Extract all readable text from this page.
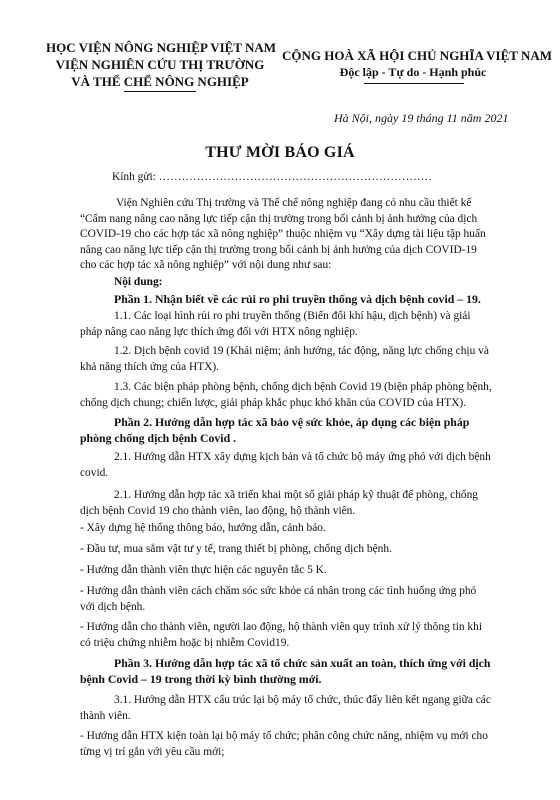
HỌC VIỆN NÔNG NGHIỆP VIỆT NAM
VIỆN NGHIÊN CỨU THỊ TRƯỜNG
VÀ THỂ CHẾ NÔNG NGHIỆP
CỘNG HOÀ XÃ HỘI CHỦ NGHĨA VIỆT NAM
Độc lập - Tự do - Hạnh phúc
Hà Nội, ngày 19 tháng 11 năm 2021
THƯ MỜI BÁO GIÁ
Kính gửi: ………………………………………………………………
Viện Nghiên cứu Thị trường và Thể chế nông nghiệp đang có nhu cầu thiết kế “Cẩm nang nâng cao năng lực tiếp cận thị trường trong bối cảnh bị ảnh hưởng của dịch COVID-19 cho các hợp tác xã nông nghiệp” thuộc nhiệm vụ “Xây dựng tài liệu tập huấn nâng cao năng lực tiếp cận thị trường trong bối cảnh bị ảnh hưởng của dịch COVID-19 cho các hợp tác xã nông nghiệp” với nội dung như sau:
Nội dung:
Phần 1. Nhận biết về các rủi ro phi truyền thống và dịch bệnh covid – 19.
1.1. Các loại hình rủi ro phi truyền thống (Biến đổi khí hậu, dịch bệnh) và giải pháp nâng cao năng lực thích ứng đối với HTX nông nghiệp.
1.2. Dịch bệnh covid 19 (Khái niệm; ảnh hưởng, tác động, năng lực chống chịu và khả năng thích ứng của HTX).
1.3. Các biện pháp phòng bệnh, chống dịch bệnh Covid 19 (biện pháp phòng bệnh, chống dịch chung; chiến lược, giải pháp khắc phục khó khăn của COVID của HTX).
Phần 2. Hướng dẫn hợp tác xã bảo vệ sức khỏe, áp dụng các biện pháp phòng chống dịch bệnh Covid .
2.1. Hướng dẫn HTX xây dựng kịch bản và tổ chức bộ máy ứng phó với dịch bệnh covid.
2.1. Hướng dẫn hợp tác xã triển khai một số giải pháp kỹ thuật để phòng, chống dịch bệnh Covid 19 cho thành viên, lao động, hộ thành viên.
- Xây dựng hệ thống thông báo, hướng dẫn, cảnh báo.
- Đầu tư, mua sắm vật tư y tế, trang thiết bị phòng, chống dịch bệnh.
- Hướng dẫn thành viên thực hiện các nguyên tắc 5 K.
- Hướng dẫn thành viên cách chăm sóc sức khỏe cá nhân trong các tình huống ứng phó với dịch bệnh.
- Hướng dẫn cho thành viên, người lao động, hộ thành viên quy trình xử lý thông tin khi có triệu chứng nhiễm hoặc bị nhiễm Covid19.
Phần 3. Hướng dẫn hợp tác xã tổ chức sản xuất an toàn, thích ứng với dịch bệnh Covid – 19 trong thời kỳ bình thường mới.
3.1. Hướng dẫn HTX cấu trúc lại bộ máy tổ chức, thúc đẩy liên kết ngang giữa các thành viên.
- Hướng dẫn HTX kiện toàn lại bộ máy tổ chức; phân công chức năng, nhiệm vụ mới cho từng vị trí gắn với yêu cầu mới;
